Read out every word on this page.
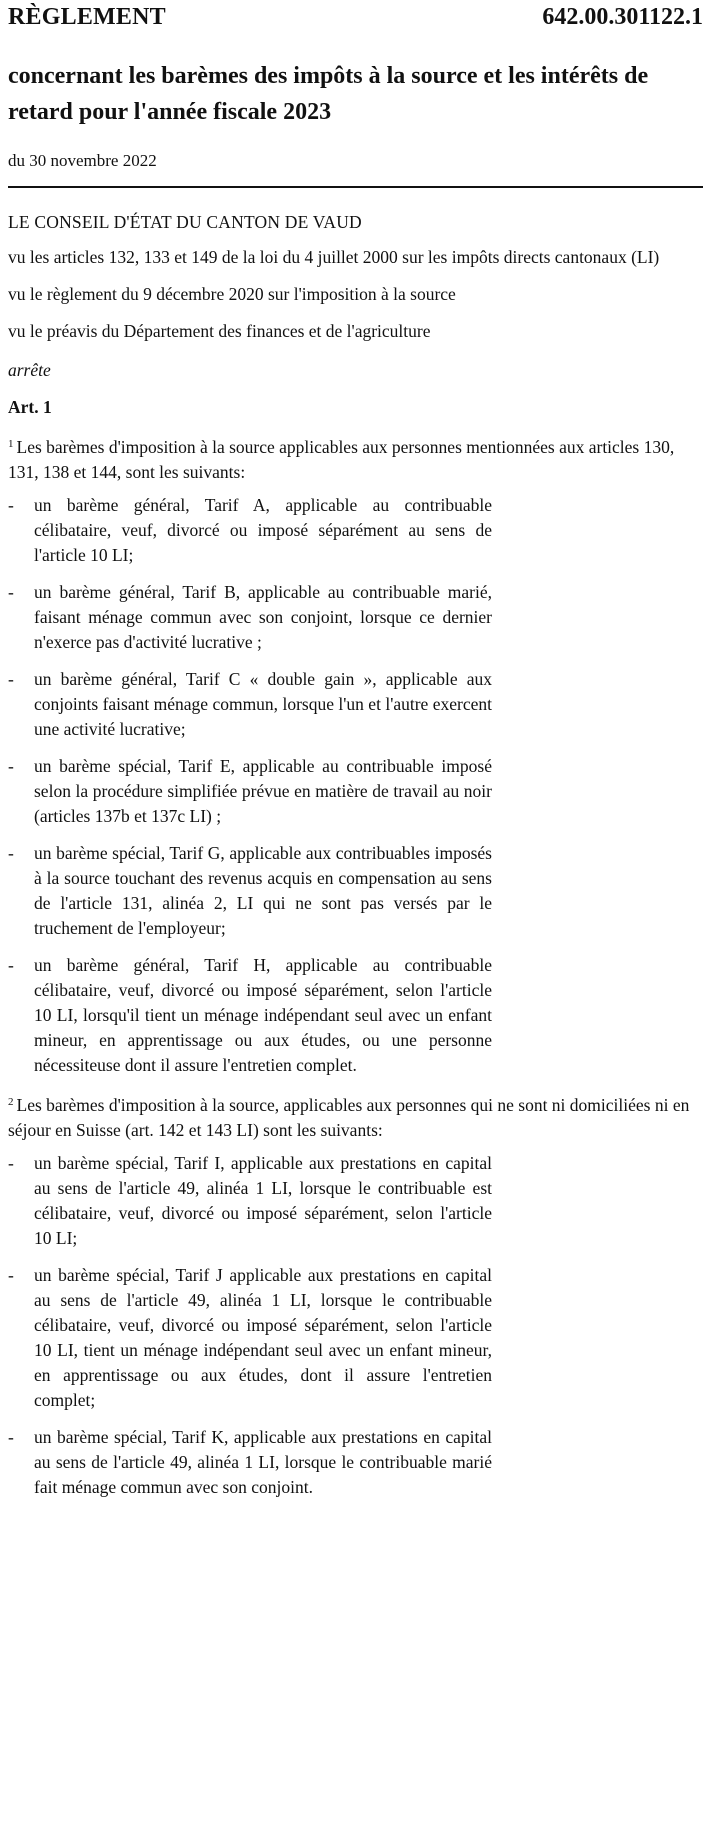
RÈGLEMENT	642.00.301122.1
concernant les barèmes des impôts à la source et les intérêts de retard pour l'année fiscale 2023
du 30 novembre 2022
LE CONSEIL D'ÉTAT DU CANTON DE VAUD
vu les articles 132, 133 et 149 de la loi du 4 juillet 2000 sur les impôts directs cantonaux (LI)
vu le règlement du 9 décembre 2020 sur l'imposition à la source
vu le préavis du Département des finances et de l'agriculture
arrête
Art. 1
$^1$ Les barèmes d'imposition à la source applicables aux personnes mentionnées aux articles 130, 131, 138 et 144, sont les suivants:
- un barème général, Tarif A, applicable au contribuable célibataire, veuf, divorcé ou imposé séparément au sens de l'article 10 LI;
- un barème général, Tarif B, applicable au contribuable marié, faisant ménage commun avec son conjoint, lorsque ce dernier n'exerce pas d'activité lucrative ;
- un barème général, Tarif C « double gain », applicable aux conjoints faisant ménage commun, lorsque l'un et l'autre exercent une activité lucrative;
- un barème spécial, Tarif E, applicable au contribuable imposé selon la procédure simplifiée prévue en matière de travail au noir (articles 137b et 137c LI) ;
- un barème spécial, Tarif G, applicable aux contribuables imposés à la source touchant des revenus acquis en compensation au sens de l'article 131, alinéa 2, LI qui ne sont pas versés par le truchement de l'employeur;
- un barème général, Tarif H, applicable au contribuable célibataire, veuf, divorcé ou imposé séparément, selon l'article 10 LI, lorsqu'il tient un ménage indépendant seul avec un enfant mineur, en apprentissage ou aux études, ou une personne nécessiteuse dont il assure l'entretien complet.
$^2$ Les barèmes d'imposition à la source, applicables aux personnes qui ne sont ni domiciliées ni en séjour en Suisse (art. 142 et 143 LI) sont les suivants:
- un barème spécial, Tarif I, applicable aux prestations en capital au sens de l'article 49, alinéa 1 LI, lorsque le contribuable est célibataire, veuf, divorcé ou imposé séparément, selon l'article 10 LI;
- un barème spécial, Tarif J applicable aux prestations en capital au sens de l'article 49, alinéa 1 LI, lorsque le contribuable célibataire, veuf, divorcé ou imposé séparément, selon l'article 10 LI, tient un ménage indépendant seul avec un enfant mineur, en apprentissage ou aux études, dont il assure l'entretien complet;
- un barème spécial, Tarif K, applicable aux prestations en capital au sens de l'article 49, alinéa 1 LI, lorsque le contribuable marié fait ménage commun avec son conjoint.
